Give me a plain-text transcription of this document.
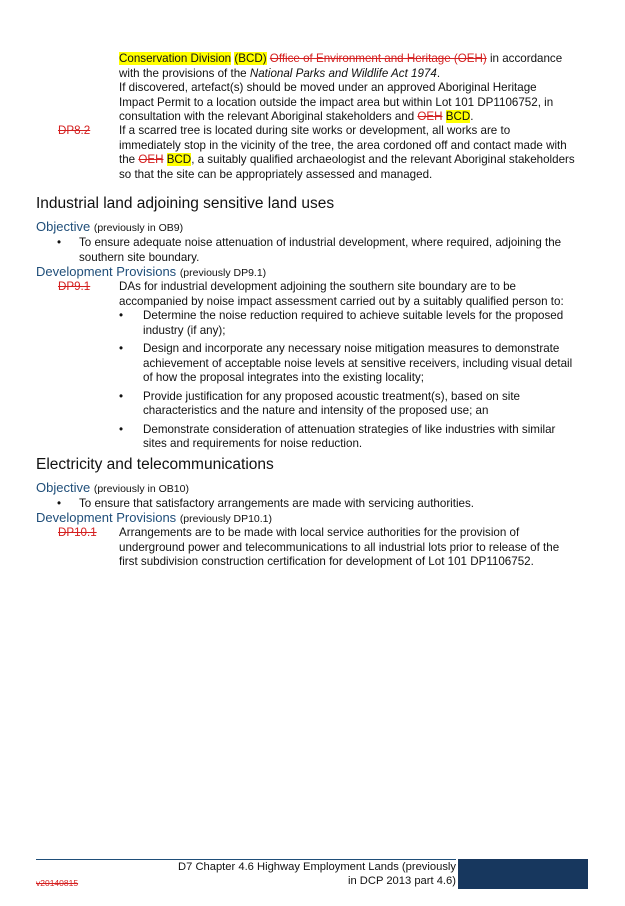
Conservation Division (BCD) Office of Environment and Heritage (OEH) in accordance
with the provisions of the National Parks and Wildlife Act 1974.
If discovered, artefact(s) should be moved under an approved Aboriginal Heritage
Impact Permit to a location outside the impact area but within Lot 101 DP1106752, in
consultation with the relevant Aboriginal stakeholders and OEH BCD.
DP8.2 If a scarred tree is located during site works or development, all works are to
immediately stop in the vicinity of the tree, the area cordoned off and contact made with
the OEH BCD, a suitably qualified archaeologist and the relevant Aboriginal stakeholders
so that the site can be appropriately assessed and managed.
Industrial land adjoining sensitive land uses
Objective (previously in OB9)
• To ensure adequate noise attenuation of industrial development, where required, adjoining the
southern site boundary.
Development Provisions (previously DP9.1)
DP9.1 DAs for industrial development adjoining the southern site boundary are to be
accompanied by noise impact assessment carried out by a suitably qualified person to:
• Determine the noise reduction required to achieve suitable levels for the proposed
industry (if any);
• Design and incorporate any necessary noise mitigation measures to demonstrate
achievement of acceptable noise levels at sensitive receivers, including visual detail
of how the proposal integrates into the existing locality;
• Provide justification for any proposed acoustic treatment(s), based on site
characteristics and the nature and intensity of the proposed use; an
• Demonstrate consideration of attenuation strategies of like industries with similar
sites and requirements for noise reduction.
Electricity and telecommunications
Objective (previously in OB10)
• To ensure that satisfactory arrangements are made with servicing authorities.
Development Provisions (previously DP10.1)
DP10.1 Arrangements are to be made with local service authorities for the provision of
underground power and telecommunications to all industrial lots prior to release of the
first subdivision construction certification for development of Lot 101 DP1106752.
D7 Chapter 4.6 Highway Employment Lands (previously
in DCP 2013 part 4.6)
v20140815
